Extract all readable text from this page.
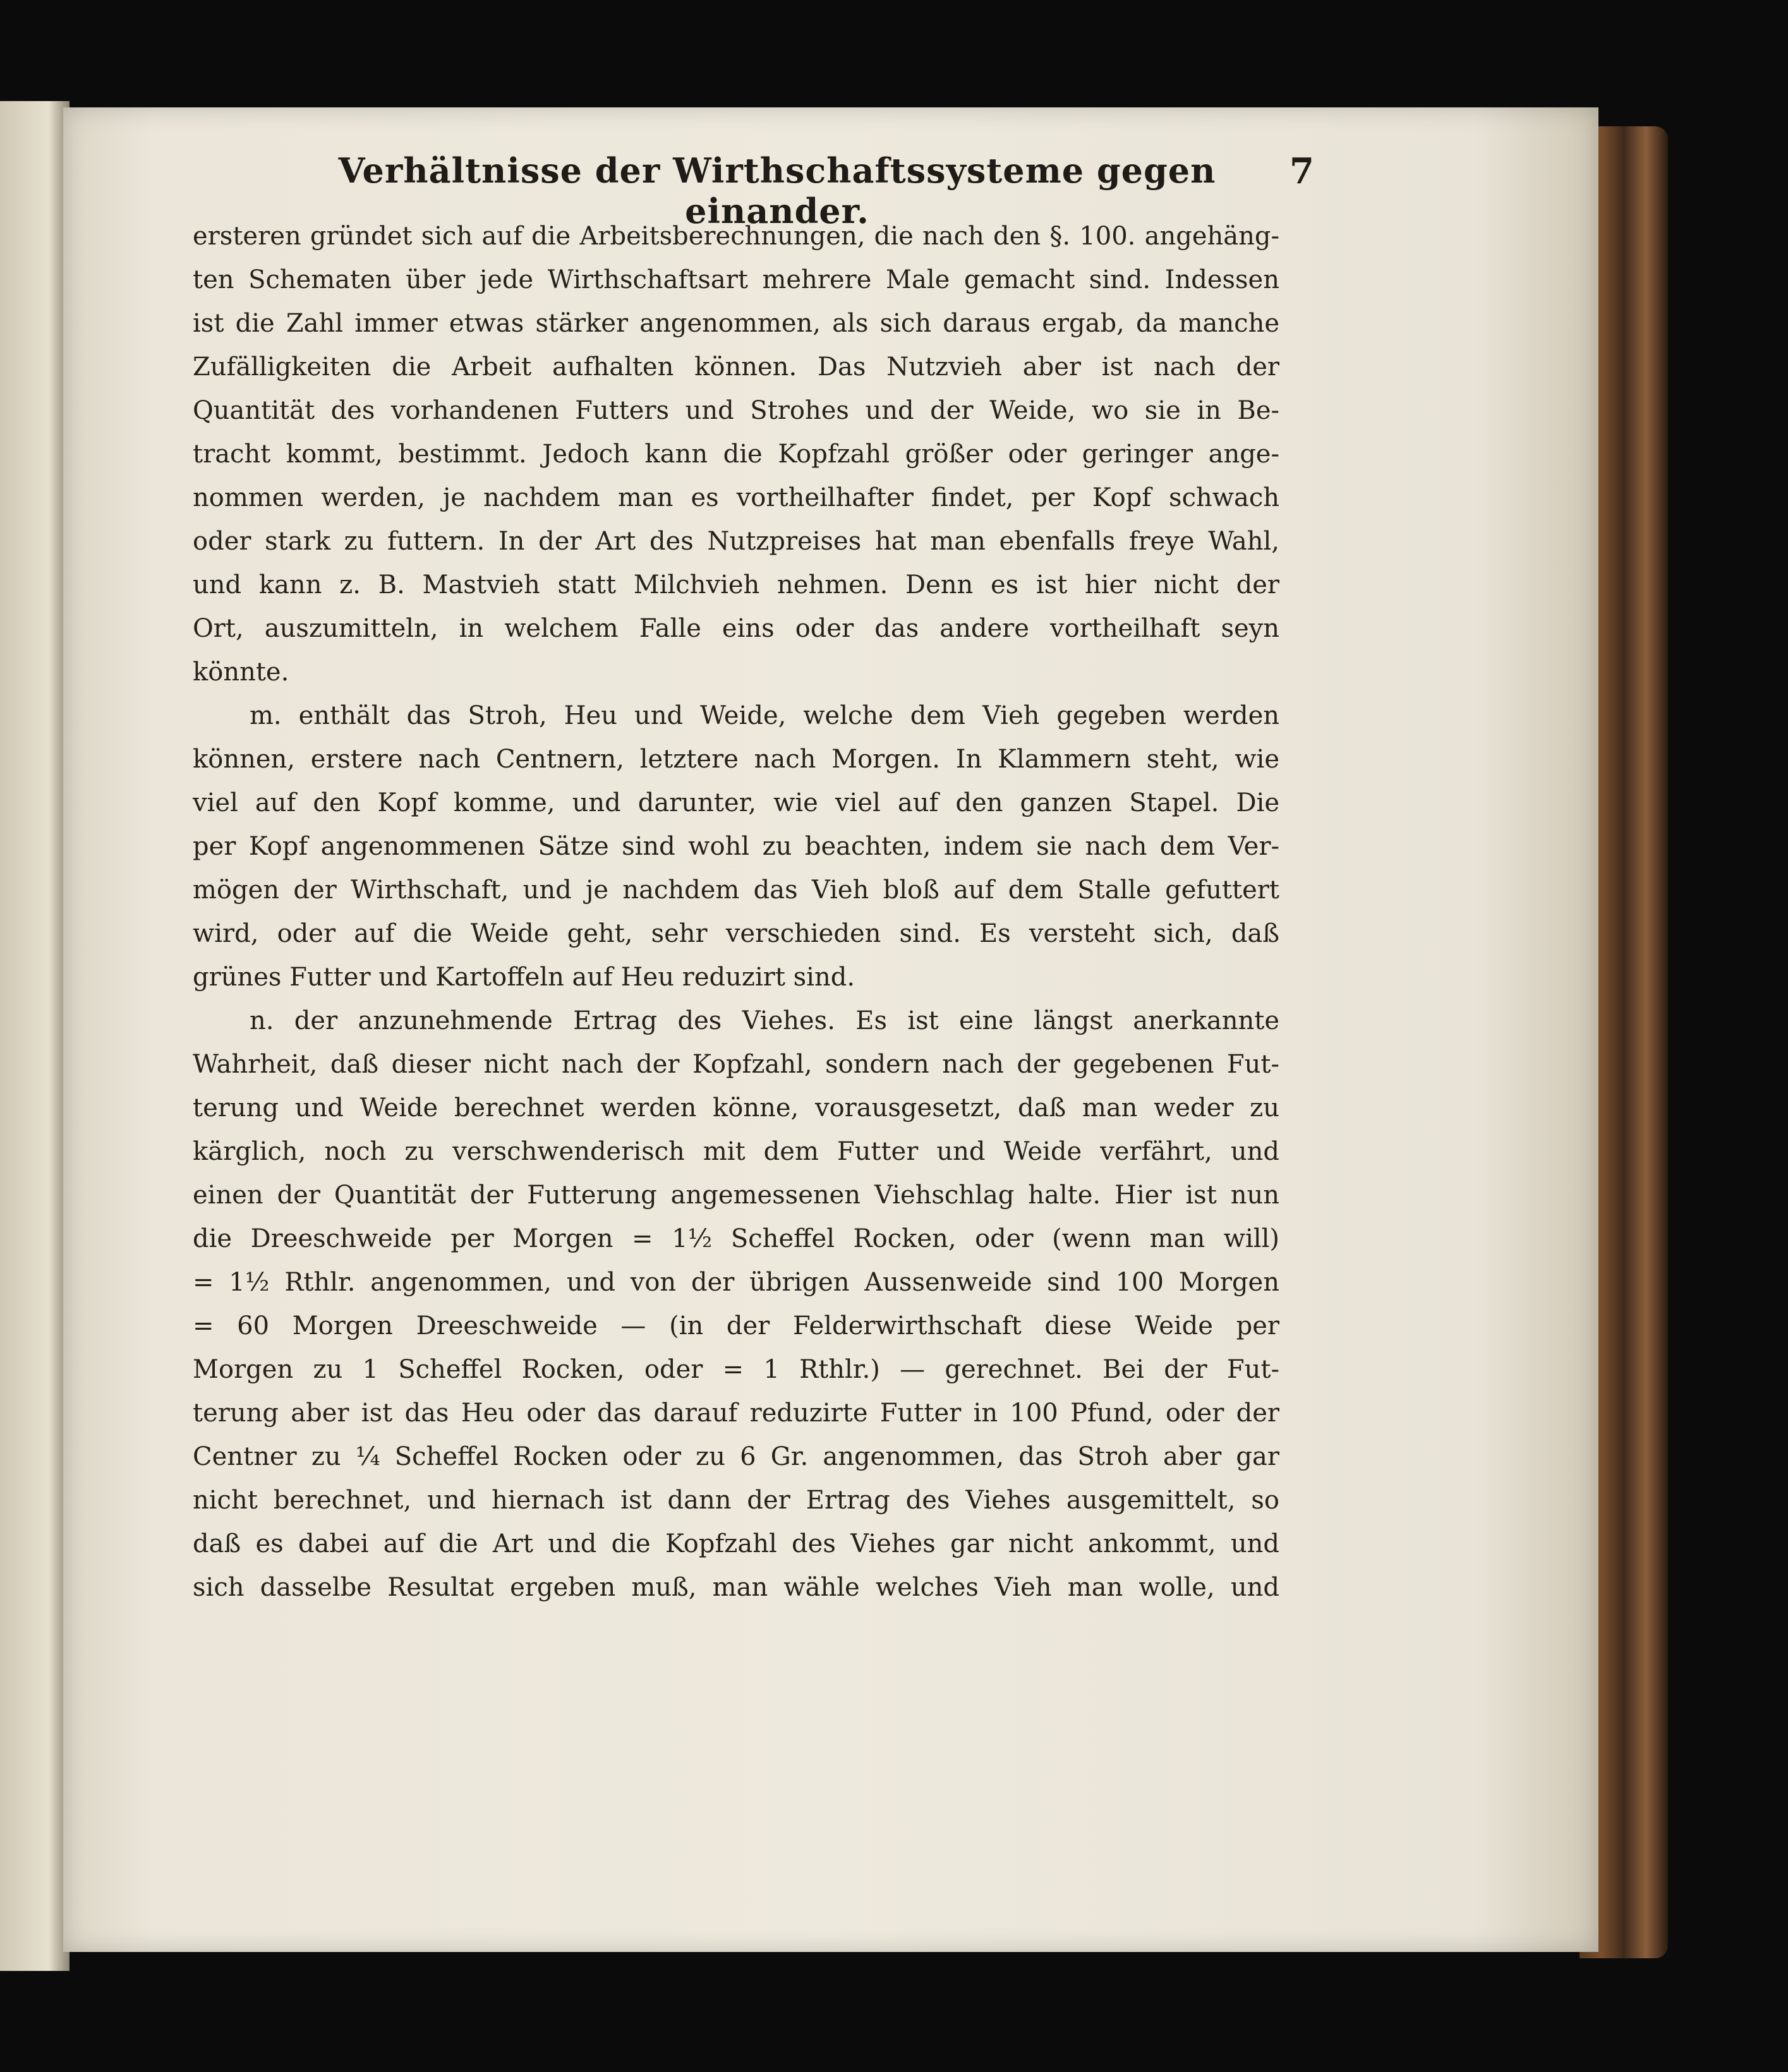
Verhältnisse der Wirthschaftssysteme gegen einander.
7
ersteren gründet sich auf die Arbeitsberechnungen, die nach den §. 100. angehäng-
ten Schematen über jede Wirthschaftsart mehrere Male gemacht sind. Indessen
ist die Zahl immer etwas stärker angenommen, als sich daraus ergab, da manche
Zufälligkeiten die Arbeit aufhalten können. Das Nutzvieh aber ist nach der
Quantität des vorhandenen Futters und Strohes und der Weide, wo sie in Be-
tracht kommt, bestimmt. Jedoch kann die Kopfzahl größer oder geringer ange-
nommen werden, je nachdem man es vortheilhafter findet, per Kopf schwach
oder stark zu futtern. In der Art des Nutzpreises hat man ebenfalls freye Wahl,
und kann z. B. Mastvieh statt Milchvieh nehmen. Denn es ist hier nicht der
Ort, auszumitteln, in welchem Falle eins oder das andere vortheilhaft seyn
könnte.
m. enthält das Stroh, Heu und Weide, welche dem Vieh gegeben werden
können, erstere nach Centnern, letztere nach Morgen. In Klammern steht, wie
viel auf den Kopf komme, und darunter, wie viel auf den ganzen Stapel. Die
per Kopf angenommenen Sätze sind wohl zu beachten, indem sie nach dem Ver-
mögen der Wirthschaft, und je nachdem das Vieh bloß auf dem Stalle gefuttert
wird, oder auf die Weide geht, sehr verschieden sind. Es versteht sich, daß
grünes Futter und Kartoffeln auf Heu reduzirt sind.
n. der anzunehmende Ertrag des Viehes. Es ist eine längst anerkannte
Wahrheit, daß dieser nicht nach der Kopfzahl, sondern nach der gegebenen Fut-
terung und Weide berechnet werden könne, vorausgesetzt, daß man weder zu
kärglich, noch zu verschwenderisch mit dem Futter und Weide verfährt, und
einen der Quantität der Futterung angemessenen Viehschlag halte. Hier ist nun
die Dreeschweide per Morgen = 1½ Scheffel Rocken, oder (wenn man will)
= 1½ Rthlr. angenommen, und von der übrigen Aussenweide sind 100 Morgen
= 60 Morgen Dreeschweide — (in der Felderwirthschaft diese Weide per
Morgen zu 1 Scheffel Rocken, oder = 1 Rthlr.) — gerechnet. Bei der Fut-
terung aber ist das Heu oder das darauf reduzirte Futter in 100 Pfund, oder der
Centner zu ¼ Scheffel Rocken oder zu 6 Gr. angenommen, das Stroh aber gar
nicht berechnet, und hiernach ist dann der Ertrag des Viehes ausgemittelt, so
daß es dabei auf die Art und die Kopfzahl des Viehes gar nicht ankommt, und
sich dasselbe Resultat ergeben muß, man wähle welches Vieh man wolle, und
